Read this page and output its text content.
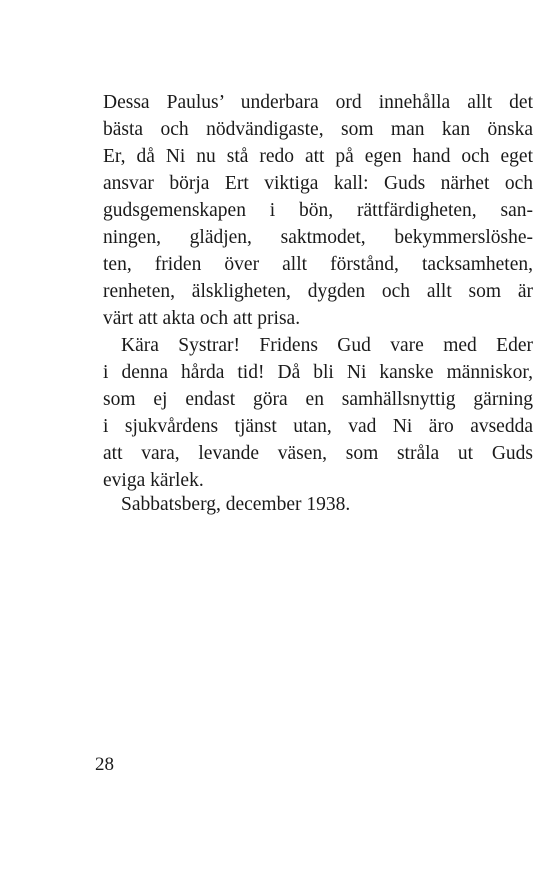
Dessa Paulus’ underbara ord innehålla allt det
bästa och nödvändigaste, som man kan önska
Er, då Ni nu stå redo att på egen hand och eget
ansvar börja Ert viktiga kall: Guds närhet och
gudsgemenskapen i bön, rättfärdigheten, san-
ningen, glädjen, saktmodet, bekymmerslöshe-
ten, friden över allt förstånd, tacksamheten,
renheten, älskligheten, dygden och allt som är
värt att akta och att prisa.
Kära Systrar! Fridens Gud vare med Eder
i denna hårda tid! Då bli Ni kanske människor,
som ej endast göra en samhällsnyttig gärning
i sjukvårdens tjänst utan, vad Ni äro avsedda
att vara, levande väsen, som stråla ut Guds
eviga kärlek.
Sabbatsberg, december 1938.
28
